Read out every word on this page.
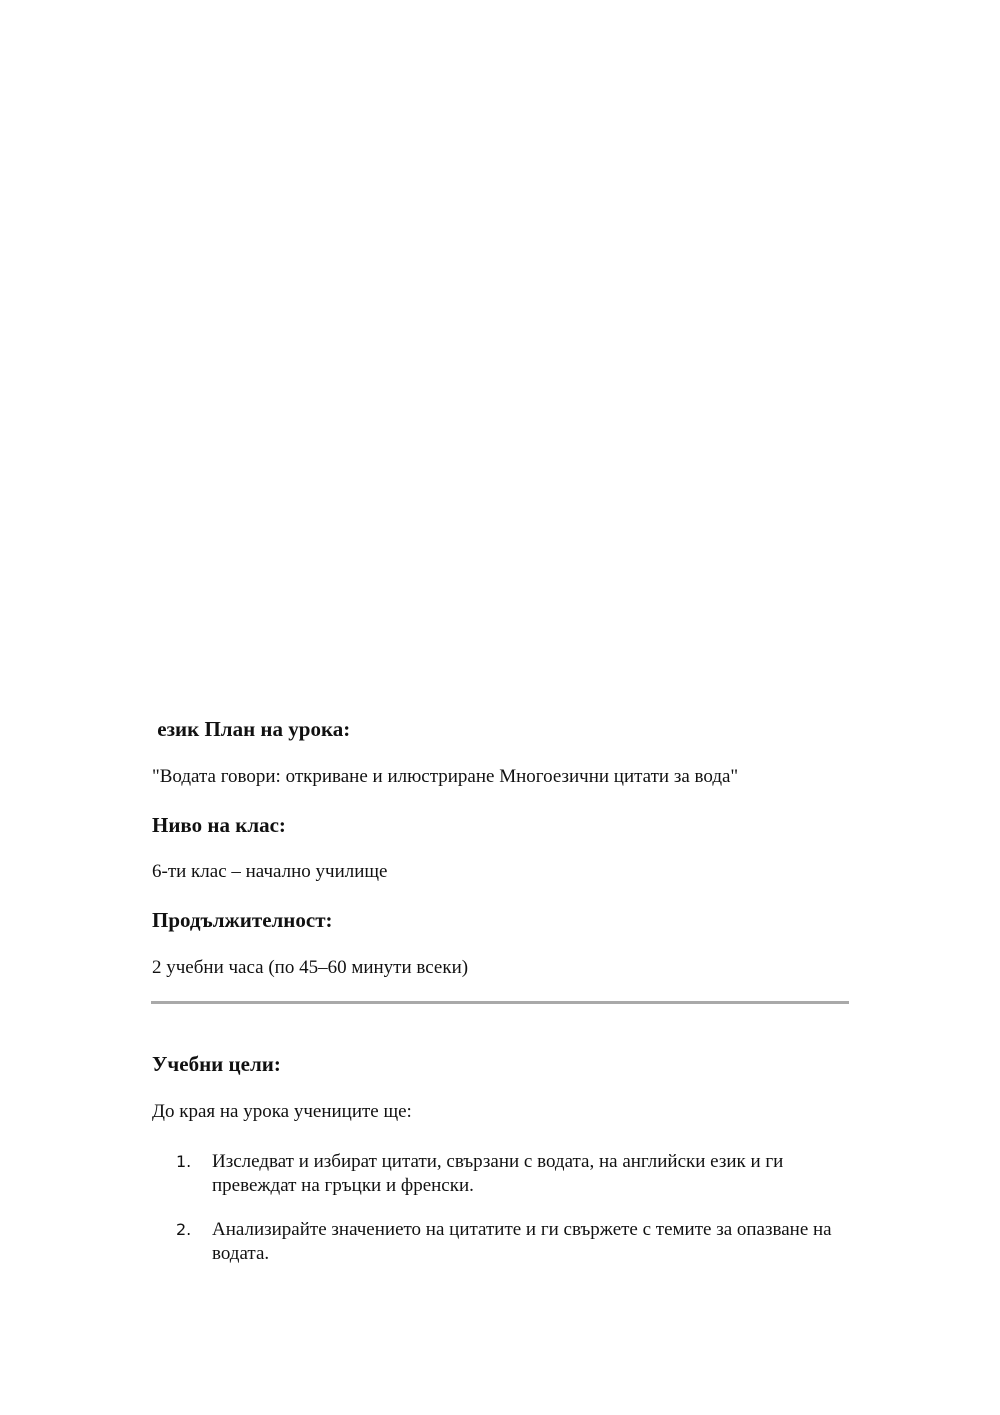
език План на урока:

"Водата говори: откриване и илюстриране Многоезични цитати за вода"

Ниво на клас:

6-ти клас – начално училище

Продължителност:

2 учебни часа (по 45–60 минути всеки)

Учебни цели:

До края на урока учениците ще:

1.	Изследват и избират цитати, свързани с водата, на английски език и ги превеждат на гръцки и френски.
2.	Анализирайте значението на цитатите и ги свържете с темите за опазване на водата.
